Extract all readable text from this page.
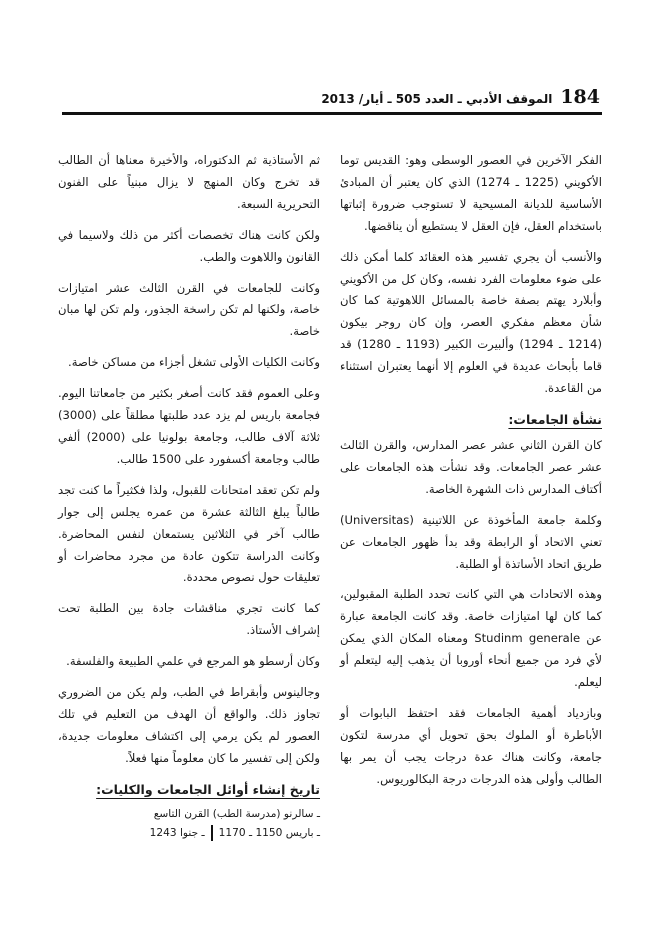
184
الموقف الأدبي ـ العدد 505 ـ أيار/ 2013

الفكر الآخرين في العصور الوسطى وهو: القديس توما الأكويني (1225 ـ 1274) الذي كان يعتبر أن المبادئ الأساسية للديانة المسيحية لا تستوجب ضرورة إثباتها باستخدام العقل، فإن العقل لا يستطيع أن يناقضها.

والأنسب أن يجري تفسير هذه العقائد كلما أمكن ذلك على ضوء معلومات الفرد نفسه، وكان كل من الأكويني وأبلارد يهتم بصفة خاصة بالمسائل اللاهوتية كما كان شأن معظم مفكري العصر، وإن كان روجر بيكون (1214 ـ 1294) وألبيرت الكبير (1193 ـ 1280) قد قاما بأبحاث عديدة في العلوم إلا أنهما يعتبران استثناء من القاعدة.

نشأة الجامعات:

كان القرن الثاني عشر عصر المدارس، والقرن الثالث عشر عصر الجامعات. وقد نشأت هذه الجامعات على أكتاف المدارس ذات الشهرة الخاصة.

وكلمة جامعة المأخوذة عن اللاتينية (Universitas) تعني الاتحاد أو الرابطة وقد بدأ ظهور الجامعات عن طريق اتحاد الأساتذة أو الطلبة.

وهذه الاتحادات هي التي كانت تحدد الطلبة المقبولين، كما كان لها امتيازات خاصة. وقد كانت الجامعة عبارة عن Studinm generale ومعناه المكان الذي يمكن لأي فرد من جميع أنحاء أوروبا أن يذهب إليه ليتعلم أو ليعلم.

وبازدياد أهمية الجامعات فقد احتفظ البابوات أو الأباطرة أو الملوك بحق تحويل أي مدرسة لتكون جامعة، وكانت هناك عدة درجات يجب أن يمر بها الطالب وأولى هذه الدرجات درجة البكالوريوس.

ثم الأستاذية ثم الدكتوراه، والأخيرة معناها أن الطالب قد تخرج وكان المنهج لا يزال مبنياً على الفنون التحريرية السبعة.

ولكن كانت هناك تخصصات أكثر من ذلك ولاسيما في القانون واللاهوت والطب.

وكانت للجامعات في القرن الثالث عشر امتيازات خاصة، ولكنها لم تكن راسخة الجذور، ولم تكن لها مبان خاصة.

وكانت الكليات الأولى تشغل أجزاء من مساكن خاصة.

وعلى العموم فقد كانت أصغر بكثير من جامعاتنا اليوم. فجامعة باريس لم يزد عدد طلبتها مطلقاً على (3000) ثلاثة آلاف طالب، وجامعة بولونيا على (2000) ألفي طالب وجامعة أكسفورد على 1500 طالب.

ولم تكن تعقد امتحانات للقبول، ولذا فكثيراً ما كنت تجد طالباً يبلغ الثالثة عشرة من عمره يجلس إلى جوار طالب آخر في الثلاثين يستمعان لنفس المحاضرة. وكانت الدراسة تتكون عادة من مجرد محاضرات أو تعليقات حول نصوص محددة.

كما كانت تجري مناقشات جادة بين الطلبة تحت إشراف الأستاذ.

وكان أرسطو هو المرجع في علمي الطبيعة والفلسفة.

وجالينوس وأبقراط في الطب، ولم يكن من الضروري تجاوز ذلك. والواقع أن الهدف من التعليم في تلك العصور لم يكن يرمي إلى اكتشاف معلومات جديدة، ولكن إلى تفسير ما كان معلوماً منها فعلاً.

تاريخ إنشاء أوائل الجامعات والكليات:
ـ سالرنو (مدرسة الطب) القرن التاسع
ـ باريس 1150 ـ 1170
ـ جنوا 1243
